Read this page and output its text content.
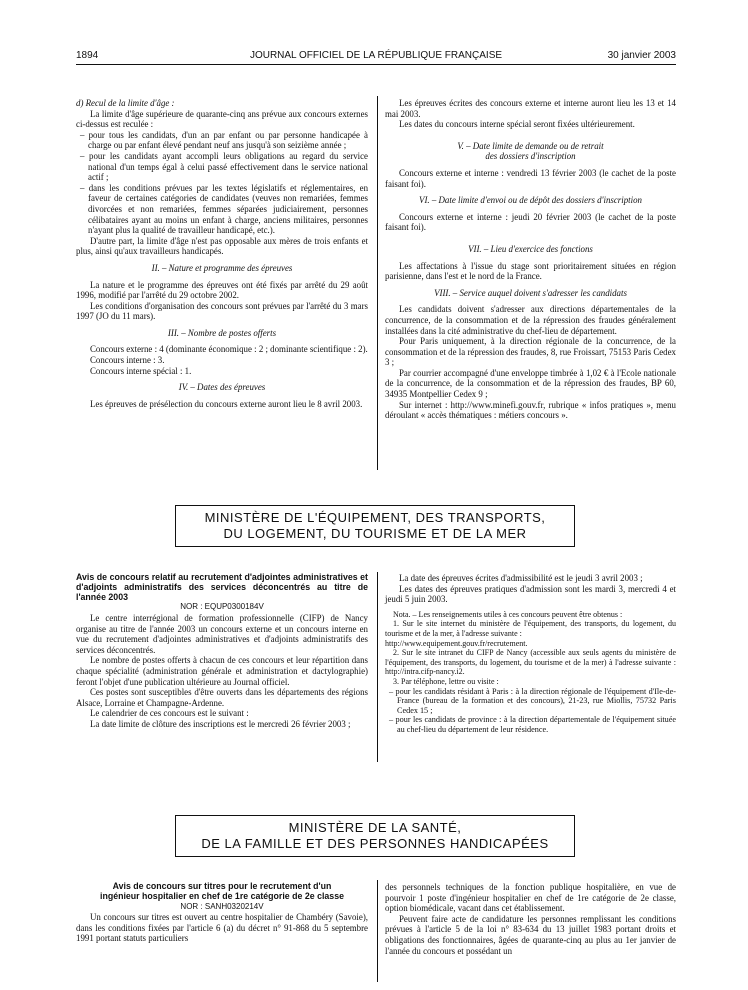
1894	JOURNAL OFFICIEL DE LA RÉPUBLIQUE FRANÇAISE	30 janvier 2003

d) Recul de la limite d'âge :

La limite d'âge supérieure de quarante-cinq ans prévue aux concours externes ci-dessus est reculée :

– pour tous les candidats, d'un an par enfant ou par personne handicapée à charge ou par enfant élevé pendant neuf ans jusqu'à son seizième année ;
– pour les candidats ayant accompli leurs obligations au regard du service national d'un temps égal à celui passé effectivement dans le service national actif ;
– dans les conditions prévues par les textes législatifs et réglementaires, en faveur de certaines catégories de candidates (veuves non remariées, femmes divorcées et non remariées, femmes séparées judiciairement, personnes célibataires ayant au moins un enfant à charge, anciens militaires, personnes n'ayant plus la qualité de travailleur handicapé, etc.).

D'autre part, la limite d'âge n'est pas opposable aux mères de trois enfants et plus, ainsi qu'aux travailleurs handicapés.

II. – Nature et programme des épreuves

La nature et le programme des épreuves ont été fixés par arrêté du 29 août 1996, modifié par l'arrêté du 29 octobre 2002.

Les conditions d'organisation des concours sont prévues par l'arrêté du 3 mars 1997 (JO du 11 mars).

III. – Nombre de postes offerts

Concours externe : 4 (dominante économique : 2 ; dominante scientifique : 2).

Concours interne : 3.

Concours interne spécial : 1.

IV. – Dates des épreuves

Les épreuves de présélection du concours externe auront lieu le 8 avril 2003.

Les épreuves écrites des concours externe et interne auront lieu les 13 et 14 mai 2003.

Les dates du concours interne spécial seront fixées ultérieurement.

V. – Date limite de demande ou de retrait

des dossiers d'inscription

Concours externe et interne : vendredi 13 février 2003 (le cachet de la poste faisant foi).

VI. – Date limite d'envoi ou de dépôt des dossiers d'inscription

Concours externe et interne : jeudi 20 février 2003 (le cachet de la poste faisant foi).

VII. – Lieu d'exercice des fonctions

Les affectations à l'issue du stage sont prioritairement situées en région parisienne, dans l'est et le nord de la France.

VIII. – Service auquel doivent s'adresser les candidats

Les candidats doivent s'adresser aux directions départementales de la concurrence, de la consommation et de la répression des fraudes généralement installées dans la cité administrative du chef-lieu de département.

Pour Paris uniquement, à la direction régionale de la concurrence, de la consommation et de la répression des fraudes, 8, rue Froissart, 75153 Paris Cedex 3 ;

Par courrier accompagné d'une enveloppe timbrée à 1,02 € à l'Ecole nationale de la concurrence, de la consommation et de la répression des fraudes, BP 60, 34935 Montpellier Cedex 9 ;

Sur internet : http://www.minefi.gouv.fr, rubrique « infos pratiques », menu déroulant « accès thématiques : métiers concours ».

MINISTÈRE DE L'ÉQUIPEMENT, DES TRANSPORTS,
DU LOGEMENT, DU TOURISME ET DE LA MER

Avis de concours relatif au recrutement d'adjointes administratives et d'adjoints administratifs des services déconcentrés au titre de l'année 2003

NOR : EQUP0300184V

Le centre interrégional de formation professionnelle (CIFP) de Nancy organise au titre de l'année 2003 un concours externe et un concours interne en vue du recrutement d'adjointes administratives et d'adjoints administratifs des services déconcentrés.

Le nombre de postes offerts à chacun de ces concours et leur répartition dans chaque spécialité (administration générale et administration et dactylographie) feront l'objet d'une publication ultérieure au Journal officiel.

Ces postes sont susceptibles d'être ouverts dans les départements des régions Alsace, Lorraine et Champagne-Ardenne.

Le calendrier de ces concours est le suivant :

La date limite de clôture des inscriptions est le mercredi 26 février 2003 ;

La date des épreuves écrites d'admissibilité est le jeudi 3 avril 2003 ;

Les dates des épreuves pratiques d'admission sont les mardi 3, mercredi 4 et jeudi 5 juin 2003.

Nota. – Les renseignements utiles à ces concours peuvent être obtenus :

1. Sur le site internet du ministère de l'équipement, des transports, du logement, du tourisme et de la mer, à l'adresse suivante :

http://www.equipement.gouv.fr/recrutement.

2. Sur le site intranet du CIFP de Nancy (accessible aux seuls agents du ministère de l'équipement, des transports, du logement, du tourisme et de la mer) à l'adresse suivante : http://intra.cifp-nancy.i2.

3. Par téléphone, lettre ou visite :

– pour les candidats résidant à Paris : à la direction régionale de l'équipement d'Ile-de-France (bureau de la formation et des concours), 21-23, rue Miollis, 75732 Paris Cedex 15 ;
– pour les candidats de province : à la direction départementale de l'équipement située au chef-lieu du département de leur résidence.
MINISTÈRE DE LA SANTÉ,
DE LA FAMILLE ET DES PERSONNES HANDICAPÉES

Avis de concours sur titres pour le recrutement d'un ingénieur hospitalier en chef de 1re catégorie de 2e classe

NOR : SANH0320214V

Un concours sur titres est ouvert au centre hospitalier de Chambéry (Savoie), dans les conditions fixées par l'article 6 (a) du décret n° 91-868 du 5 septembre 1991 portant statuts particuliers

des personnels techniques de la fonction publique hospitalière, en vue de pourvoir 1 poste d'ingénieur hospitalier en chef de 1re catégorie de 2e classe, option biomédicale, vacant dans cet établissement.

Peuvent faire acte de candidature les personnes remplissant les conditions prévues à l'article 5 de la loi n° 83-634 du 13 juillet 1983 portant droits et obligations des fonctionnaires, âgées de quarante-cinq au plus au 1er janvier de l'année du concours et possédant un
